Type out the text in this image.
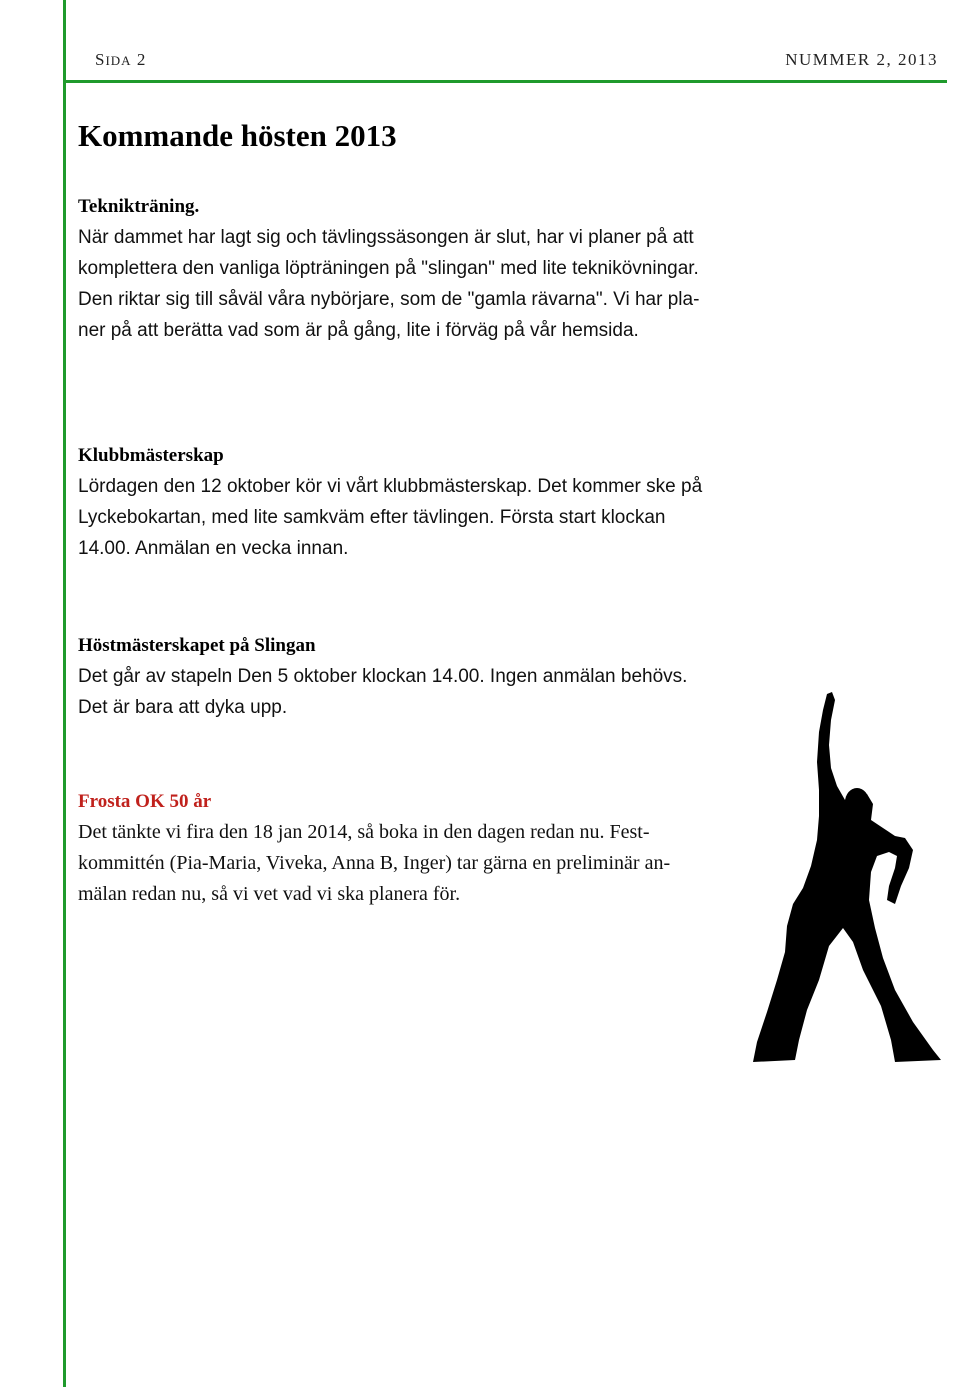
SIDA 2	NUMMER 2, 2013
Kommande hösten 2013
Teknikträning.

När dammet har lagt sig och tävlingssäsongen är slut, har vi planer på att

komplettera den vanliga löpträningen på "slingan" med lite teknikövningar.

Den riktar sig till såväl våra nybörjare, som de "gamla rävarna". Vi har pla-

ner på att berätta vad som är på gång, lite i förväg på vår hemsida.

Klubbmästerskap

Lördagen den 12 oktober kör vi vårt klubbmästerskap. Det kommer ske på

Lyckebokartan, med lite samkväm efter tävlingen. Första start klockan

14.00. Anmälan en vecka innan.

Höstmästerskapet på Slingan

Det går av stapeln Den 5 oktober klockan 14.00. Ingen anmälan behövs.

Det är bara att dyka upp.

Frosta OK 50 år

Det tänkte vi fira den 18 jan 2014, så boka in den dagen redan nu. Fest-

kommittén (Pia-Maria, Viveka, Anna B, Inger) tar gärna en preliminär an-

mälan redan nu, så vi vet vad vi ska planera för.
